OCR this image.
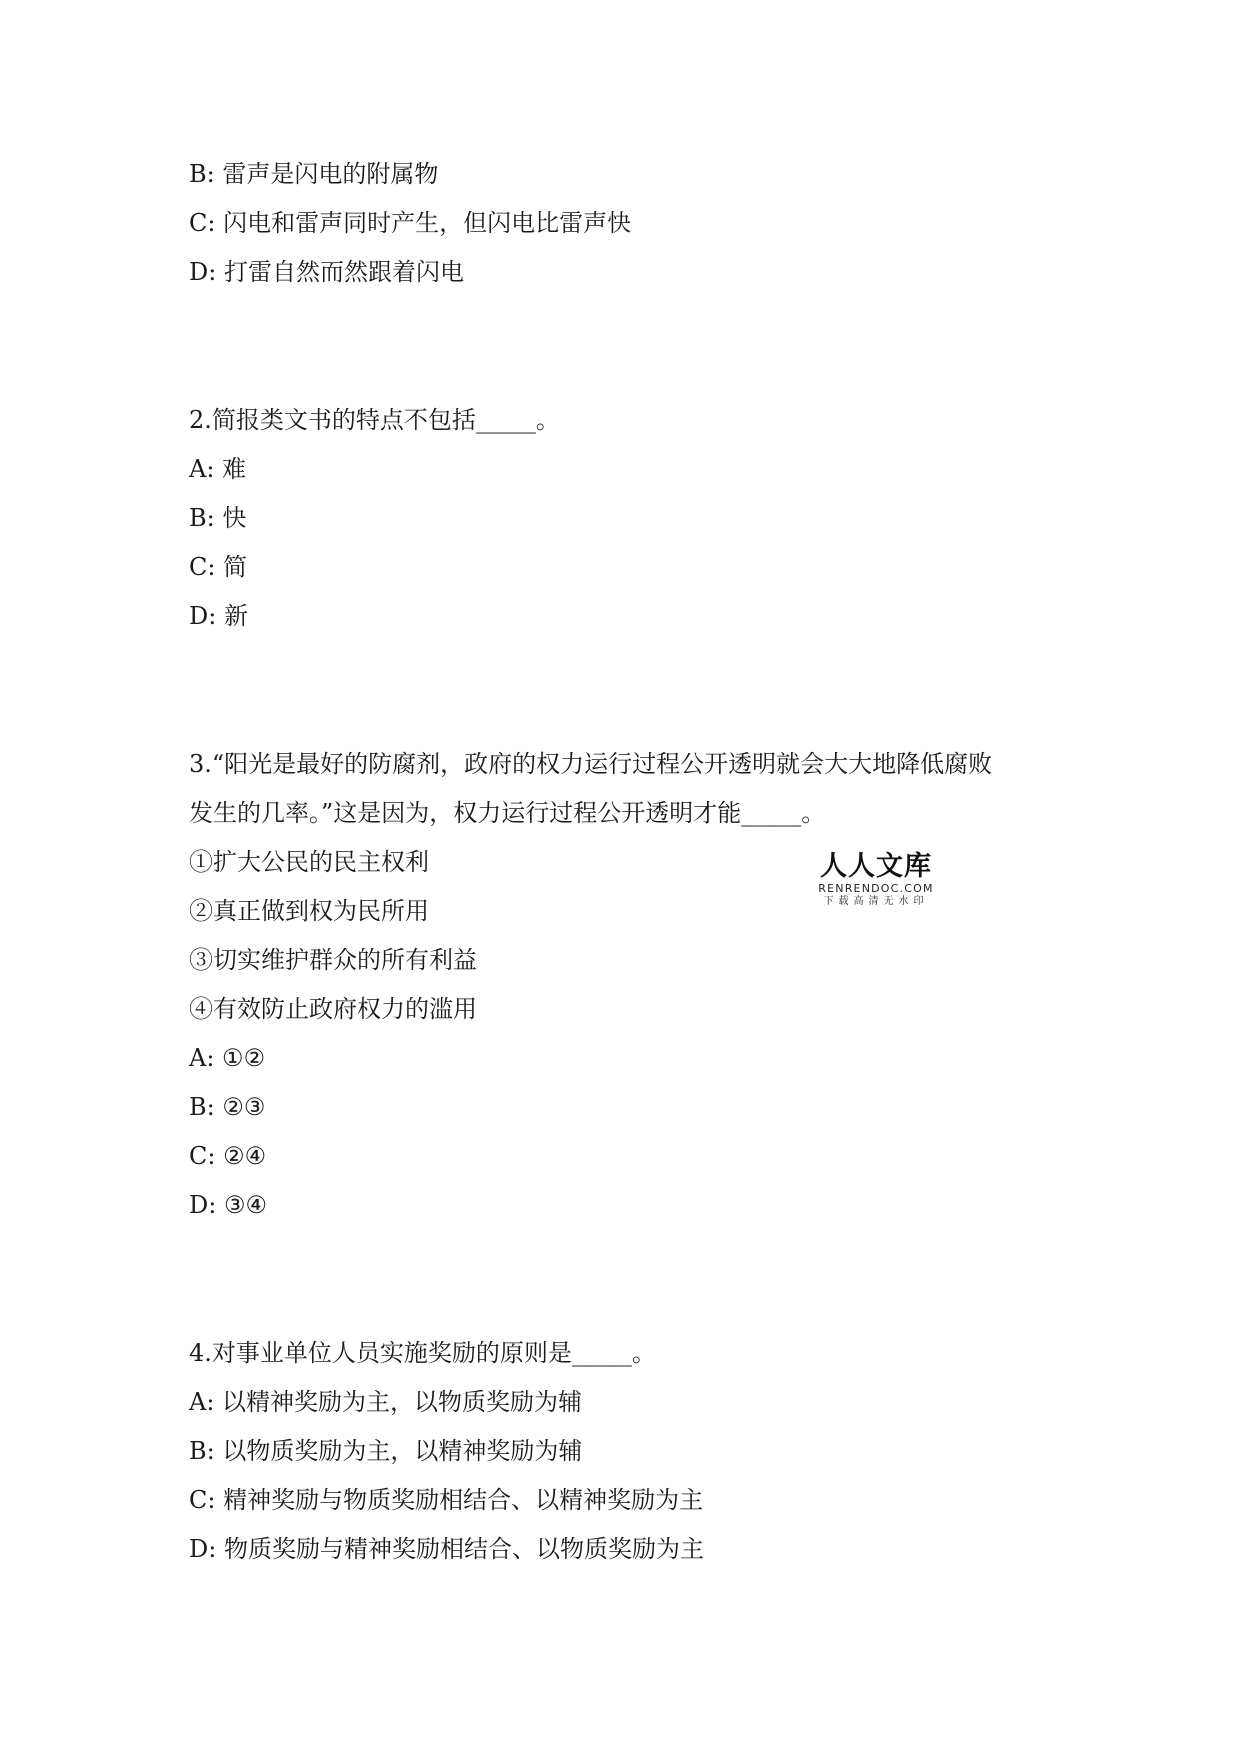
B: 雷声是闪电的附属物
C: 闪电和雷声同时产生，但闪电比雷声快
D: 打雷自然而然跟着闪电
2.简报类文书的特点不包括_____。
A: 难
B: 快
C: 简
D: 新
3.“阳光是最好的防腐剂，政府的权力运行过程公开透明就会大大地降低腐败
发生的几率。”这是因为，权力运行过程公开透明才能_____。
①扩大公民的民主权利
②真正做到权为民所用
③切实维护群众的所有利益
④有效防止政府权力的滥用
A: ①②
B: ②③
C: ②④
D: ③④
4.对事业单位人员实施奖励的原则是_____。
A: 以精神奖励为主，以物质奖励为辅
B: 以物质奖励为主，以精神奖励为辅
C: 精神奖励与物质奖励相结合、以精神奖励为主
D: 物质奖励与精神奖励相结合、以物质奖励为主
人人文库
RENRENDOC.COM
下载高清无水印
